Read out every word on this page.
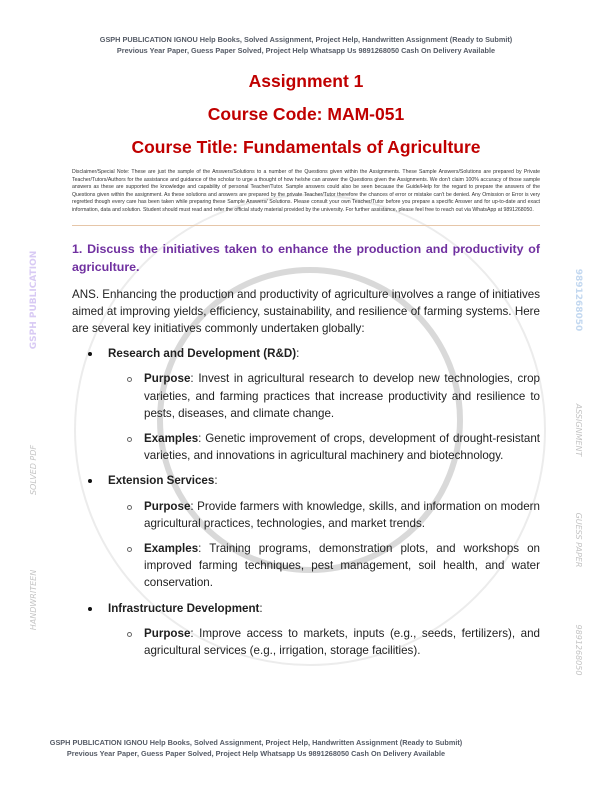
GSPH PUBLICATION	9891268050
SOLVED PDF
HANDWRITEEN
ASSIGNMENT
GUESS PAPER
9891268050
GSPH PUBLICATION IGNOU Help Books, Solved Assignment, Project Help, Handwritten Assignment (Ready to Submit)
Previous Year Paper, Guess Paper Solved, Project Help Whatsapp Us 9891268050 Cash On Delivery Available
Assignment 1
Course Code: MAM-051
Course Title: Fundamentals of Agriculture
Disclaimer/Special Note: These are just the sample of the Answers/Solutions to a number of the Questions given within the Assignments. These Sample Answers/Solutions are prepared by Private Teacher/Tutors/Authors for the assistance and guidance of the scholar to urge a thought of how he/she can answer the Questions given the Assignments. We don't claim 100% accuracy of those sample answers as these are supported the knowledge and capability of personal Teacher/Tutor. Sample answers could also be seen because the Guide/Help for the regard to prepare the answers of the Questions given within the assignment. As these solutions and answers are prepared by the private Teacher/Tutor therefore the chances of error or mistake can't be denied. Any Omission or Error is very regretted though every care has been taken while preparing these Sample Answers/ Solutions. Please consult your own Teacher/Tutor before you prepare a specific Answer and for up-to-date and exact information, data and solution. Student should must read and refer the official study material provided by the university. For further assistance, please feel free to reach out via WhatsApp at 9891268050.
1. Discuss the initiatives taken to enhance the production and productivity of agriculture.
ANS. Enhancing the production and productivity of agriculture involves a range of initiatives aimed at improving yields, efficiency, sustainability, and resilience of farming systems. Here are several key initiatives commonly undertaken globally:
Research and Development (R&D):
Purpose: Invest in agricultural research to develop new technologies, crop varieties, and farming practices that increase productivity and resilience to pests, diseases, and climate change.
Examples: Genetic improvement of crops, development of drought-resistant varieties, and innovations in agricultural machinery and biotechnology.
Extension Services:
Purpose: Provide farmers with knowledge, skills, and information on modern agricultural practices, technologies, and market trends.
Examples: Training programs, demonstration plots, and workshops on improved farming techniques, pest management, soil health, and water conservation.
Infrastructure Development:
Purpose: Improve access to markets, inputs (e.g., seeds, fertilizers), and agricultural services (e.g., irrigation, storage facilities).
GSPH PUBLICATION IGNOU Help Books, Solved Assignment, Project Help, Handwritten Assignment (Ready to Submit)
Previous Year Paper, Guess Paper Solved, Project Help Whatsapp Us 9891268050 Cash On Delivery Available
